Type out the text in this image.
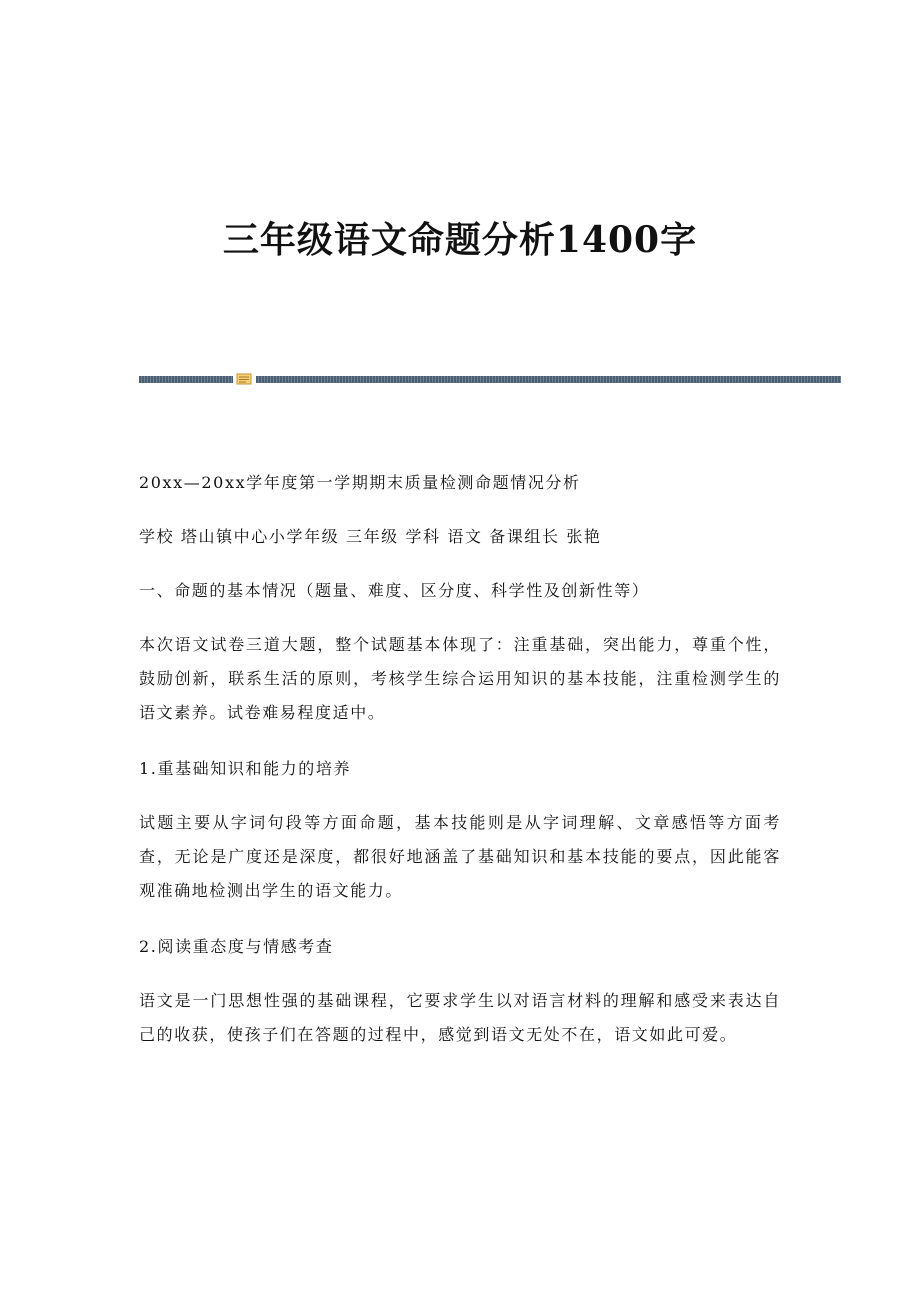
三年级语文命题分析1400字

20xx—20xx学年度第一学期期末质量检测命题情况分析

学校 塔山镇中心小学年级 三年级 学科 语文 备课组长 张艳

一、命题的基本情况（题量、难度、区分度、科学性及创新性等）

本次语文试卷三道大题，整个试题基本体现了：注重基础，突出能力，尊重个性，鼓励创新，联系生活的原则，考核学生综合运用知识的基本技能，注重检测学生的语文素养。试卷难易程度适中。

1.重基础知识和能力的培养

试题主要从字词句段等方面命题，基本技能则是从字词理解、文章感悟等方面考查，无论是广度还是深度，都很好地涵盖了基础知识和基本技能的要点，因此能客观准确地检测出学生的语文能力。

2.阅读重态度与情感考查

语文是一门思想性强的基础课程，它要求学生以对语言材料的理解和感受来表达自己的收获，使孩子们在答题的过程中，感觉到语文无处不在，语文如此可爱。
